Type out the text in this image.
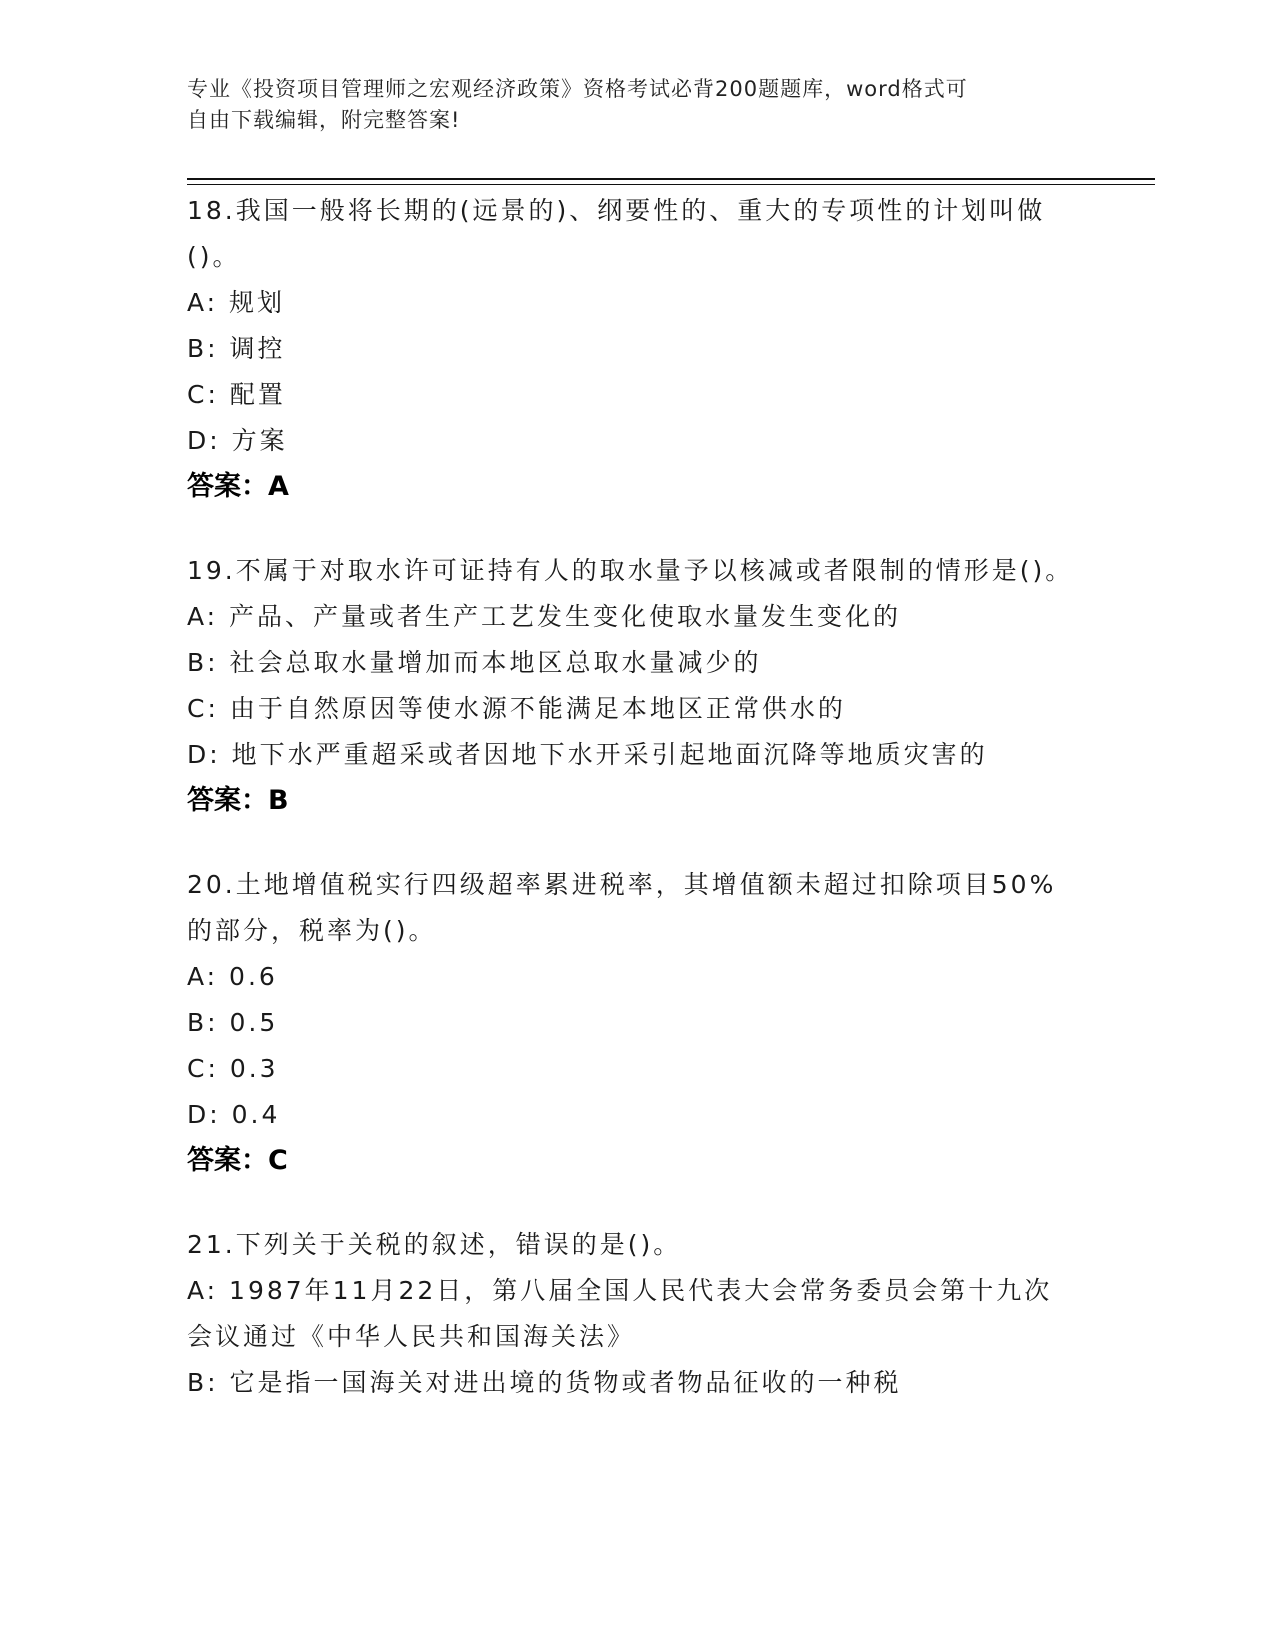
专业《投资项目管理师之宏观经济政策》资格考试必背200题题库，word格式可
自由下载编辑，附完整答案!

18.我国一般将长期的(远景的)、纲要性的、重大的专项性的计划叫做()。

A: 规划

B: 调控

C: 配置

D: 方案

答案：A

19.不属于对取水许可证持有人的取水量予以核减或者限制的情形是()。

A: 产品、产量或者生产工艺发生变化使取水量发生变化的

B: 社会总取水量增加而本地区总取水量减少的

C: 由于自然原因等使水源不能满足本地区正常供水的

D: 地下水严重超采或者因地下水开采引起地面沉降等地质灾害的

答案：B

20.土地增值税实行四级超率累进税率，其增值额未超过扣除项目50%的部分，税率为()。

A: 0.6

B: 0.5

C: 0.3

D: 0.4

答案：C

21.下列关于关税的叙述，错误的是()。

A: 1987年11月22日，第八届全国人民代表大会常务委员会第十九次会议通过《中华人民共和国海关法》

B: 它是指一国海关对进出境的货物或者物品征收的一种税
